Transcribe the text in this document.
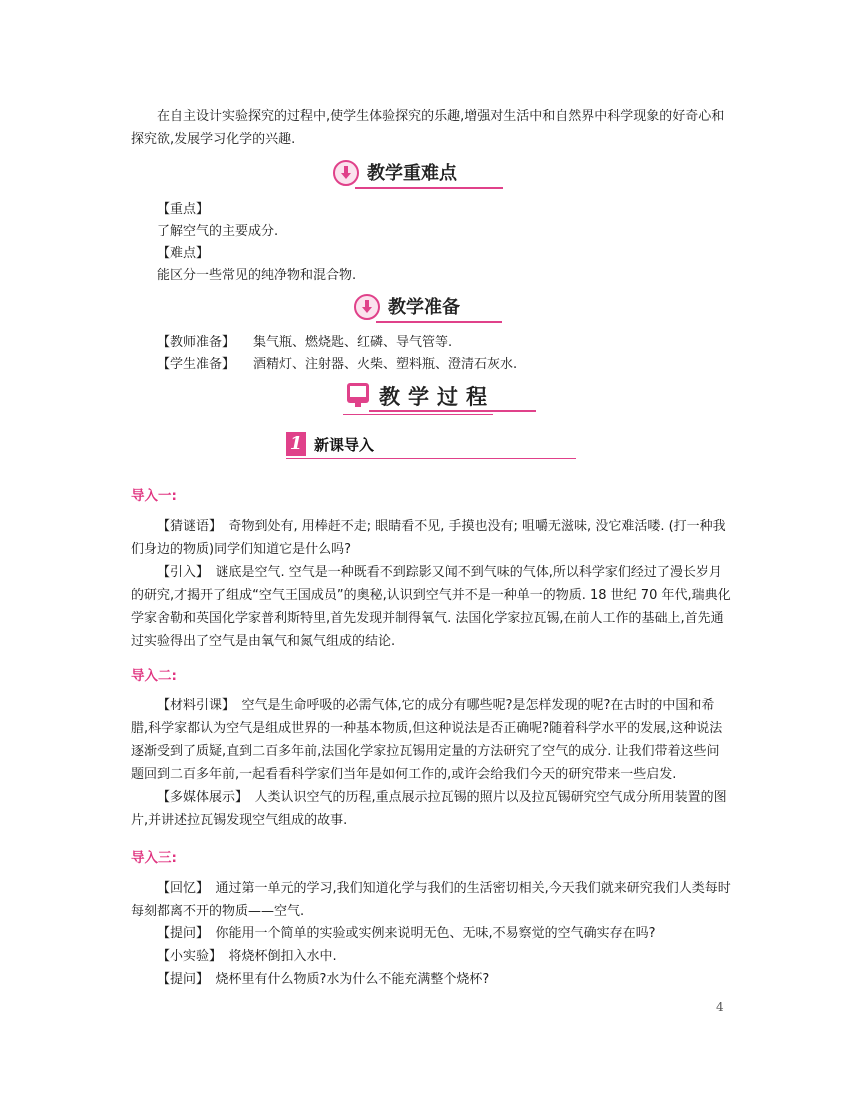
在自主设计实验探究的过程中,使学生体验探究的乐趣,增强对生活中和自然界中科学现象的好奇心和探究欲,发展学习化学的兴趣.

教学重难点
【重点】
了解空气的主要成分.
【难点】
能区分一些常见的纯净物和混合物.
教学准备
【教师准备】 集气瓶、燃烧匙、红磷、导气管等.
【学生准备】 酒精灯、注射器、火柴、塑料瓶、澄清石灰水.
教学过程
1 新课导入
导入一:

【猜谜语】　奇物到处有, 用棒赶不走; 眼睛看不见, 手摸也没有; 咀嚼无滋味, 没它难活喽. (打一种我们身边的物质)同学们知道它是什么吗?

【引入】　谜底是空气. 空气是一种既看不到踪影又闻不到气味的气体,所以科学家们经过了漫长岁月的研究,才揭开了组成“空气王国成员”的奥秘,认识到空气并不是一种单一的物质. 18 世纪 70 年代,瑞典化学家舍勒和英国化学家普利斯特里,首先发现并制得氧气. 法国化学家拉瓦锡,在前人工作的基础上,首先通过实验得出了空气是由氧气和氮气组成的结论.

导入二:

【材料引课】　空气是生命呼吸的必需气体,它的成分有哪些呢?是怎样发现的呢?在古时的中国和希腊,科学家都认为空气是组成世界的一种基本物质,但这种说法是否正确呢?随着科学水平的发展,这种说法逐渐受到了质疑,直到二百多年前,法国化学家拉瓦锡用定量的方法研究了空气的成分. 让我们带着这些问题回到二百多年前,一起看看科学家们当年是如何工作的,或许会给我们今天的研究带来一些启发.

【多媒体展示】　人类认识空气的历程,重点展示拉瓦锡的照片以及拉瓦锡研究空气成分所用装置的图片,并讲述拉瓦锡发现空气组成的故事.

导入三:

【回忆】　通过第一单元的学习,我们知道化学与我们的生活密切相关,今天我们就来研究我们人类每时每刻都离不开的物质——空气.

【提问】　你能用一个简单的实验或实例来说明无色、无味,不易察觉的空气确实存在吗?
【小实验】　将烧杯倒扣入水中.
【提问】　烧杯里有什么物质?水为什么不能充满整个烧杯?
4
